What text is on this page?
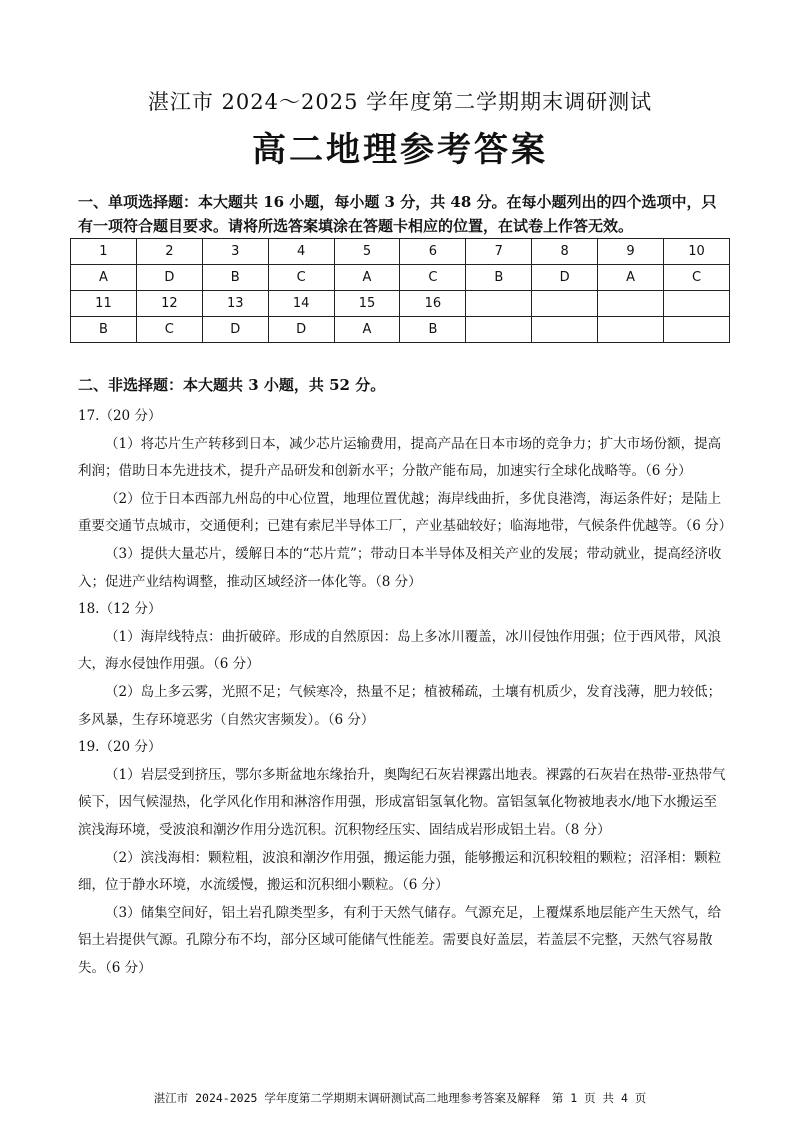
湛江市 2024～2025 学年度第二学期期末调研测试
高二地理参考答案
一、单项选择题：本大题共 16 小题，每小题 3 分，共 48 分。在每小题列出的四个选项中，只有一项符合题目要求。请将所选答案填涂在答题卡相应的位置，在试卷上作答无效。
1	2	3	4	5	6	7	8	9	10
A	D	B	C	A	C	B	D	A	C
11	12	13	14	15	16				
B	C	D	D	A	B				
二、非选择题：本大题共 3 小题，共 52 分。

17.（20 分）

（1）将芯片生产转移到日本，减少芯片运输费用，提高产品在日本市场的竞争力；扩大市场份额，提高利润；借助日本先进技术，提升产品研发和创新水平；分散产能布局，加速实行全球化战略等。（6 分）

（2）位于日本西部九州岛的中心位置，地理位置优越；海岸线曲折，多优良港湾，海运条件好；是陆上重要交通节点城市，交通便利；已建有索尼半导体工厂，产业基础较好；临海地带，气候条件优越等。（6 分）

（3）提供大量芯片，缓解日本的“芯片荒”；带动日本半导体及相关产业的发展；带动就业，提高经济收入；促进产业结构调整，推动区域经济一体化等。（8 分）

18.（12 分）

（1）海岸线特点：曲折破碎。形成的自然原因：岛上多冰川覆盖，冰川侵蚀作用强；位于西风带，风浪大，海水侵蚀作用强。（6 分）

（2）岛上多云雾，光照不足；气候寒冷，热量不足；植被稀疏，土壤有机质少，发育浅薄，肥力较低；多风暴，生存环境恶劣（自然灾害频发）。（6 分）

19.（20 分）

（1）岩层受到挤压，鄂尔多斯盆地东缘抬升，奥陶纪石灰岩裸露出地表。裸露的石灰岩在热带-亚热带气候下，因气候湿热，化学风化作用和淋溶作用强，形成富铝氢氧化物。富铝氢氧化物被地表水/地下水搬运至滨浅海环境，受波浪和潮汐作用分选沉积。沉积物经压实、固结成岩形成铝土岩。（8 分）

（2）滨浅海相：颗粒粗，波浪和潮汐作用强，搬运能力强，能够搬运和沉积较粗的颗粒；沼泽相：颗粒细，位于静水环境，水流缓慢，搬运和沉积细小颗粒。（6 分）

（3）储集空间好，铝土岩孔隙类型多，有利于天然气储存。气源充足，上覆煤系地层能产生天然气，给铝土岩提供气源。孔隙分布不均，部分区域可能储气性能差。需要良好盖层，若盖层不完整，天然气容易散失。（6 分）

湛江市 2024-2025 学年度第二学期期末调研测试高二地理参考答案及解释　第 1 页 共 4 页
